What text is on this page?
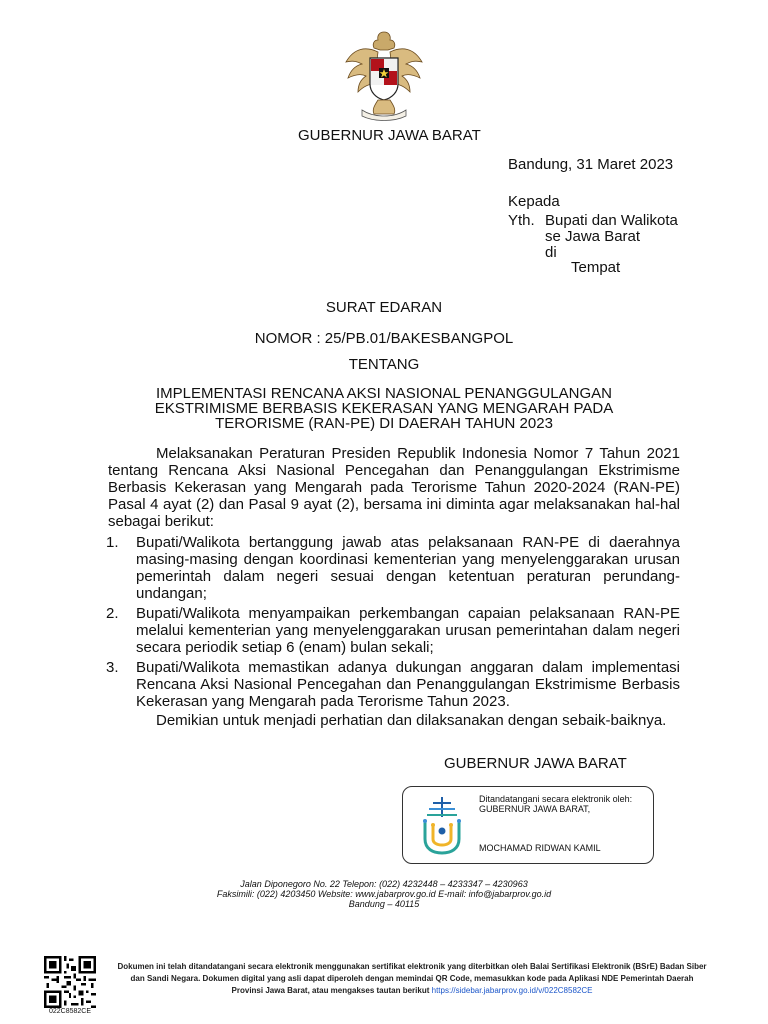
GUBERNUR JAWA BARAT
Bandung, 31 Maret 2023
Kepada
Yth. Bupati dan Walikota
se Jawa Barat
di
Tempat
SURAT EDARAN
NOMOR : 25/PB.01/BAKESBANGPOL
TENTANG
IMPLEMENTASI RENCANA AKSI NASIONAL PENANGGULANGAN
EKSTRIMISME BERBASIS KEKERASAN YANG MENGARAH PADA
TERORISME (RAN-PE) DI DAERAH TAHUN 2023
Melaksanakan Peraturan Presiden Republik Indonesia Nomor 7 Tahun 2021 tentang Rencana Aksi Nasional Pencegahan dan Penanggulangan Ekstrimisme Berbasis Kekerasan yang Mengarah pada Terorisme Tahun 2020-2024 (RAN-PE) Pasal 4 ayat (2) dan Pasal 9 ayat (2), bersama ini diminta agar melaksanakan hal-hal sebagai berikut:
1. Bupati/Walikota bertanggung jawab atas pelaksanaan RAN-PE di daerahnya masing-masing dengan koordinasi kementerian yang menyelenggarakan urusan pemerintah dalam negeri sesuai dengan ketentuan peraturan perundang-undangan;
2. Bupati/Walikota menyampaikan perkembangan capaian pelaksanaan RAN-PE melalui kementerian yang menyelenggarakan urusan pemerintahan dalam negeri secara periodik setiap 6 (enam) bulan sekali;
3. Bupati/Walikota memastikan adanya dukungan anggaran dalam implementasi Rencana Aksi Nasional Pencegahan dan Penanggulangan Ekstrimisme Berbasis Kekerasan yang Mengarah pada Terorisme Tahun 2023.
Demikian untuk menjadi perhatian dan dilaksanakan dengan sebaik-baiknya.
GUBERNUR JAWA BARAT
Ditandatangani secara elektronik oleh:
GUBERNUR JAWA BARAT,
MOCHAMAD RIDWAN KAMIL
Jalan Diponegoro No. 22 Telepon: (022) 4232448 – 4233347 – 4230963
Faksimili: (022) 4203450 Website: www.jabarprov.go.id E-mail: info@jabarprov.go.id
Bandung – 40115
022C8582CE
Dokumen ini telah ditandatangani secara elektronik menggunakan sertifikat elektronik yang diterbitkan oleh Balai Sertifikasi Elektronik (BSrE) Badan Siber dan Sandi Negara. Dokumen digital yang asli dapat diperoleh dengan memindai QR Code, memasukkan kode pada Aplikasi NDE Pemerintah Daerah Provinsi Jawa Barat, atau mengakses tautan berikut https://sidebar.jabarprov.go.id/v/022C8582CE
